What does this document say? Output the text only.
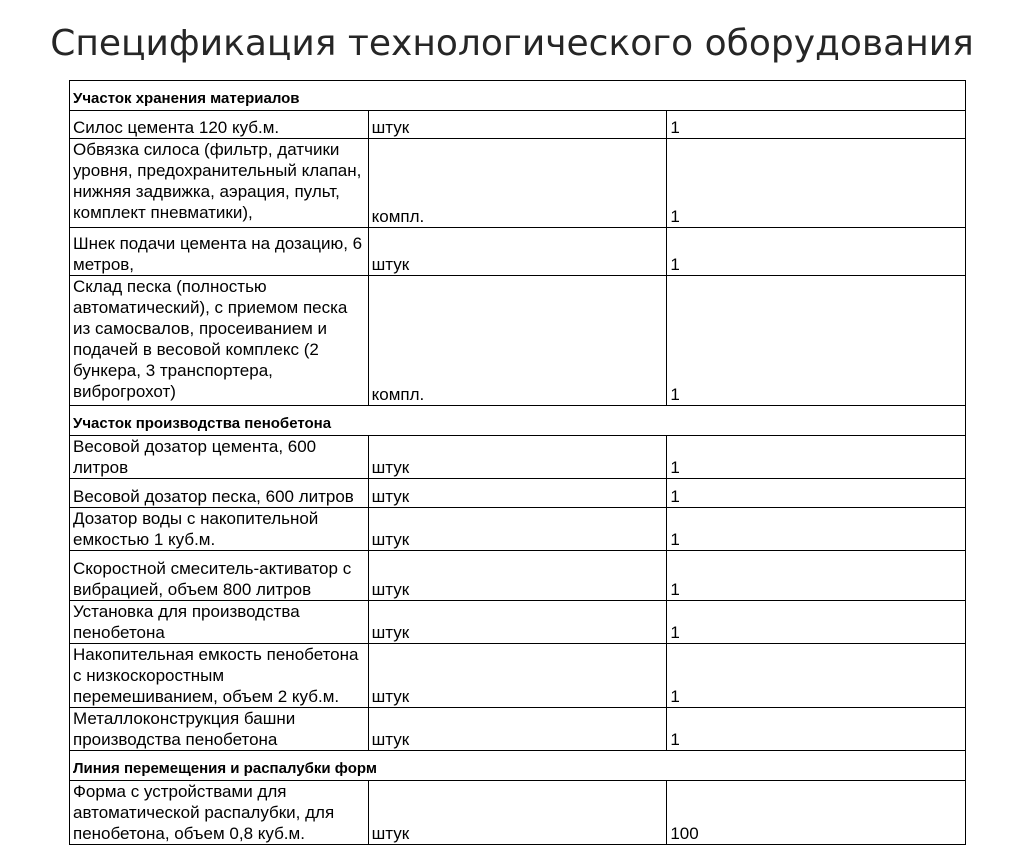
Спецификация технологического оборудования
Участок хранения материалов		
Силос цемента 120 куб.м.	штук	1
Обвязка силоса (фильтр, датчики уровня, предохранительный клапан, нижняя задвижка, аэрация, пульт, комплект пневматики),	компл.	1
Шнек подачи цемента на дозацию, 6 метров,	штук	1
Склад песка (полностью автоматический), с приемом песка из самосвалов, просеиванием и подачей в весовой комплекс (2 бункера, 3 транспортера, виброгрохот)	компл.	1
Участок производства пенобетона		
Весовой дозатор цемента, 600 литров	штук	1
Весовой дозатор песка, 600 литров	штук	1
Дозатор воды с накопительной емкостью 1 куб.м.	штук	1
Скоростной смеситель-активатор с вибрацией, объем 800 литров	штук	1
Установка для производства пенобетона	штук	1
Накопительная емкость пенобетона с низкоскоростным перемешиванием, объем 2 куб.м.	штук	1
Металлоконструкция башни производства пенобетона	штук	1
Линия перемещения и распалубки форм		
Форма с устройствами для автоматической распалубки, для пенобетона, объем 0,8 куб.м.	штук	100
